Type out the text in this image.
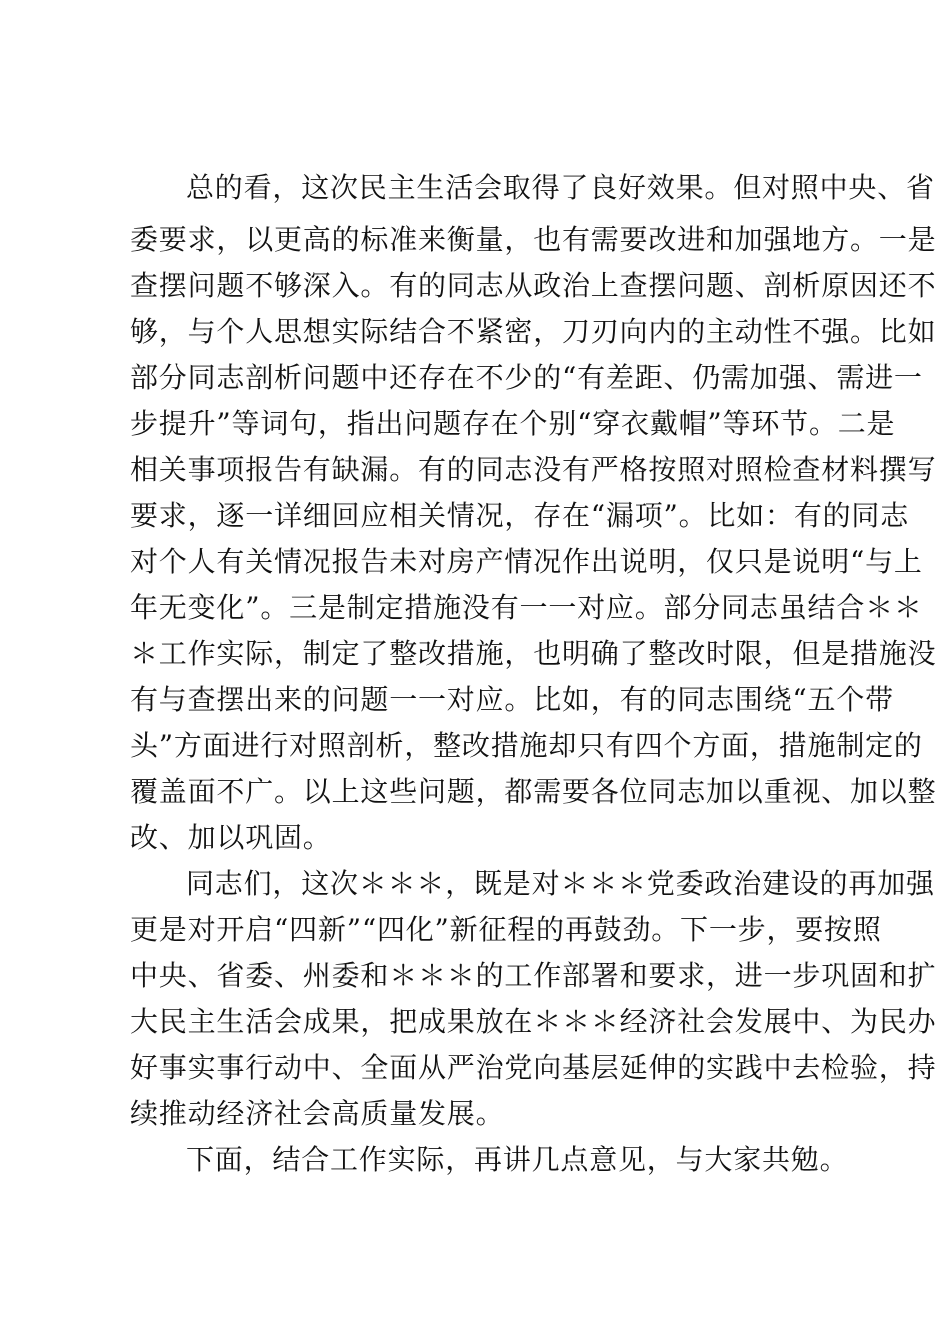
总的看，这次民主生活会取得了良好效果。但对照中央、省
委要求，以更高的标准来衡量，也有需要改进和加强地方。一是
查摆问题不够深入。有的同志从政治上查摆问题、剖析原因还不
够，与个人思想实际结合不紧密，刀刃向内的主动性不强。比如
部分同志剖析问题中还存在不少的“有差距、仍需加强、需进一
步提升”等词句，指出问题存在个别“穿衣戴帽”等环节。二是
相关事项报告有缺漏。有的同志没有严格按照对照检查材料撰写
要求，逐一详细回应相关情况，存在“漏项”。比如：有的同志
对个人有关情况报告未对房产情况作出说明，仅只是说明“与上
年无变化”。三是制定措施没有一一对应。部分同志虽结合＊＊
＊工作实际，制定了整改措施，也明确了整改时限，但是措施没
有与查摆出来的问题一一对应。比如，有的同志围绕“五个带
头”方面进行对照剖析，整改措施却只有四个方面，措施制定的
覆盖面不广。以上这些问题，都需要各位同志加以重视、加以整
改、加以巩固。
同志们，这次＊＊＊，既是对＊＊＊党委政治建设的再加强
更是对开启“四新”“四化”新征程的再鼓劲。下一步，要按照
中央、省委、州委和＊＊＊的工作部署和要求，进一步巩固和扩
大民主生活会成果，把成果放在＊＊＊经济社会发展中、为民办
好事实事行动中、全面从严治党向基层延伸的实践中去检验，持
续推动经济社会高质量发展。
下面，结合工作实际，再讲几点意见，与大家共勉。
